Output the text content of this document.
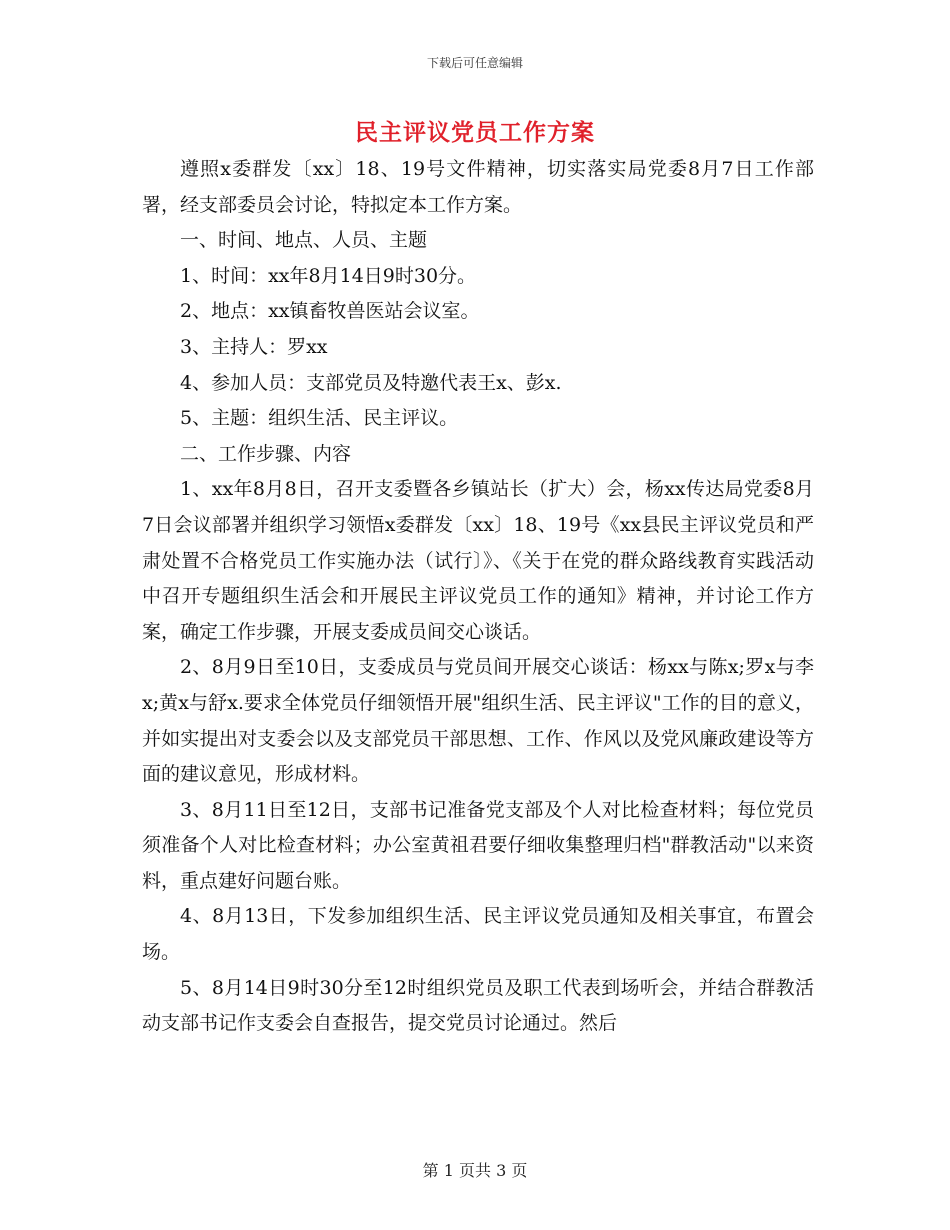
下载后可任意编辑
民主评议党员工作方案

遵照x委群发〔xx〕18、19号文件精神，切实落实局党委8月7日工作部署，经支部委员会讨论，特拟定本工作方案。

一、时间、地点、人员、主题

1、时间：xx年8月14日9时30分。

2、地点：xx镇畜牧兽医站会议室。

3、主持人：罗xx

4、参加人员：支部党员及特邀代表王x、彭x.

5、主题：组织生活、民主评议。

二、工作步骤、内容

1、xx年8月8日，召开支委暨各乡镇站长（扩大）会，杨xx传达局党委8月7日会议部署并组织学习领悟x委群发〔xx〕18、19号《xx县民主评议党员和严肃处置不合格党员工作实施办法（试行〕》、《关于在党的群众路线教育实践活动中召开专题组织生活会和开展民主评议党员工作的通知》精神，并讨论工作方案，确定工作步骤，开展支委成员间交心谈话。

2、8月9日至10日，支委成员与党员间开展交心谈话：杨xx与陈x;罗x与李x;黄x与舒x.要求全体党员仔细领悟开展"组织生活、民主评议"工作的目的意义，并如实提出对支委会以及支部党员干部思想、工作、作风以及党风廉政建设等方面的建议意见，形成材料。

3、8月11日至12日，支部书记准备党支部及个人对比检查材料；每位党员须准备个人对比检查材料；办公室黄祖君要仔细收集整理归档"群教活动"以来资料，重点建好问题台账。

4、8月13日，下发参加组织生活、民主评议党员通知及相关事宜，布置会场。

5、8月14日9时30分至12时组织党员及职工代表到场听会，并结合群教活动支部书记作支委会自查报告，提交党员讨论通过。然后

第 1 页共 3 页
